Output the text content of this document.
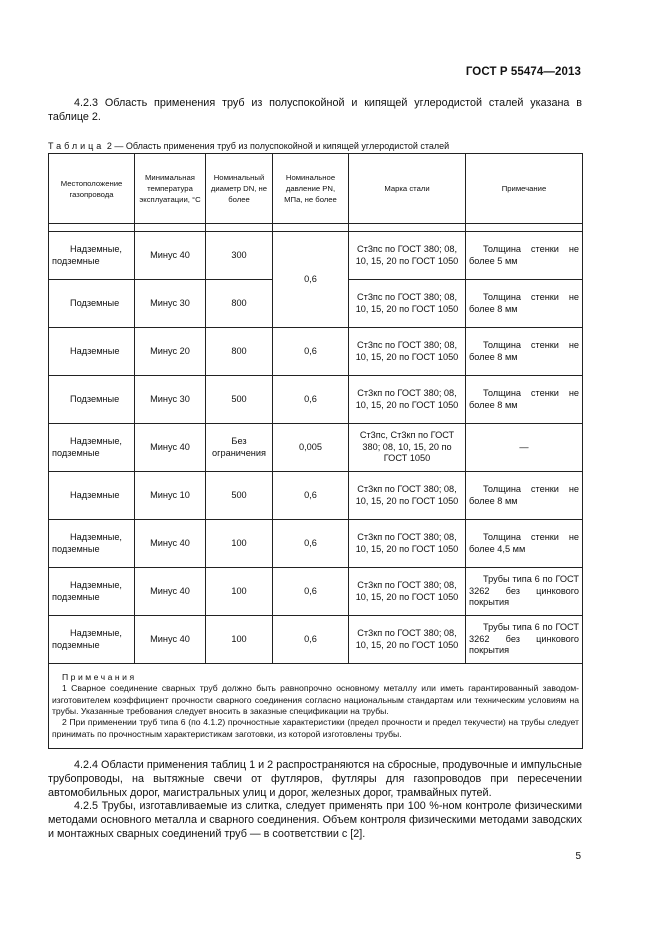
ГОСТ Р 55474—2013
4.2.3 Область применения труб из полуспокойной и кипящей углеродистой сталей указана в таблице 2.
Таблица 2 — Область применения труб из полуспокойной и кипящей углеродистой сталей
Местоположение газопровода	Минимальная температура эксплуатации, °С	Номинальный диаметр DN, не более	Номинальное давление PN, МПа, не более	Марка стали	Примечание

Надземные, подземные	Минус 40	300	0,6	Ст3пс по ГОСТ 380; 08, 10, 15, 20 по ГОСТ 1050	Толщина стенки не более 5 мм

Подземные	Минус 30	800		Ст3пс по ГОСТ 380; 08, 10, 15, 20 по ГОСТ 1050	Толщина стенки не более 8 мм

Надземные	Минус 20	800	0,6	Ст3пс по ГОСТ 380; 08, 10, 15, 20 по ГОСТ 1050	Толщина стенки не более 8 мм

Подземные	Минус 30	500	0,6	Ст3кп по ГОСТ 380; 08, 10, 15, 20 по ГОСТ 1050	Толщина стенки не более 8 мм

Надземные, подземные	Минус 40	Без ограничения	0,005	Ст3пс, Ст3кп по ГОСТ 380; 08, 10, 15, 20 по ГОСТ 1050	—

Надземные	Минус 10	500	0,6	Ст3кп по ГОСТ 380; 08, 10, 15, 20 по ГОСТ 1050	Толщина стенки не более 8 мм

Надземные, подземные	Минус 40	100	0,6	Ст3кп по ГОСТ 380; 08, 10, 15, 20 по ГОСТ 1050	Толщина стенки не более 4,5 мм

Надземные, подземные	Минус 40	100	0,6	Ст3кп по ГОСТ 380; 08, 10, 15, 20 по ГОСТ 1050	Трубы типа 6 по ГОСТ 3262 без цинкового покрытия

Надземные, подземные	Минус 40	100	0,6	Ст3кп по ГОСТ 380; 08, 10, 15, 20 по ГОСТ 1050	Трубы типа 6 по ГОСТ 3262 без цинкового покрытия

Примечания

1 Сварное соединение сварных труб должно быть равнопрочно основному металлу или иметь гарантированный заводом-изготовителем коэффициент прочности сварного соединения согласно национальным стандартам или техническим условиям на трубы. Указанные требования следует вносить в заказные спецификации на трубы.

2 При применении труб типа 6 (по 4.1.2) прочностные характеристики (предел прочности и предел текучести) на трубы следует принимать по прочностным характеристикам заготовки, из которой изготовлены трубы.					

4.2.4 Области применения таблиц 1 и 2 распространяются на сбросные, продувочные и импульсные трубопроводы, на вытяжные свечи от футляров, футляры для газопроводов при пересечении автомобильных дорог, магистральных улиц и дорог, железных дорог, трамвайных путей.
4.2.5 Трубы, изготавливаемые из слитка, следует применять при 100 %-ном контроле физическими методами основного металла и сварного соединения. Объем контроля физическими методами заводских и монтажных сварных соединений труб — в соответствии с [2].
5
